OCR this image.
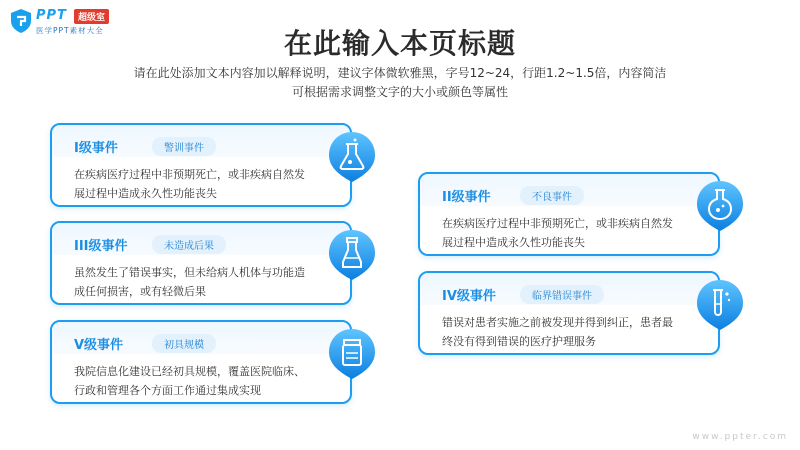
PPT	超级室
医学PPT素材大全	在此输入本页标题
请在此处添加文本内容加以解释说明，建议字体微软雅黑，字号12~24，行距1.2~1.5倍，内容简洁
可根据需求调整文字的大小或颜色等属性
I级事件	警训事件
在疾病医疗过程中非预期死亡，或非疾病自然发展过程中造成永久性功能丧失
III级事件	未造成后果
虽然发生了错误事实，但未给病人机体与功能造成任何损害，或有轻微后果
V级事件	初具规模
我院信息化建设已经初具规模，覆盖医院临床、行政和管理各个方面工作通过集成实现
II级事件	不良事件
在疾病医疗过程中非预期死亡，或非疾病自然发展过程中造成永久性功能丧失
IV级事件	临界错误事件
错误对患者实施之前被发现并得到纠正，患者最终没有得到错误的医疗护理服务
www.ppter.com
